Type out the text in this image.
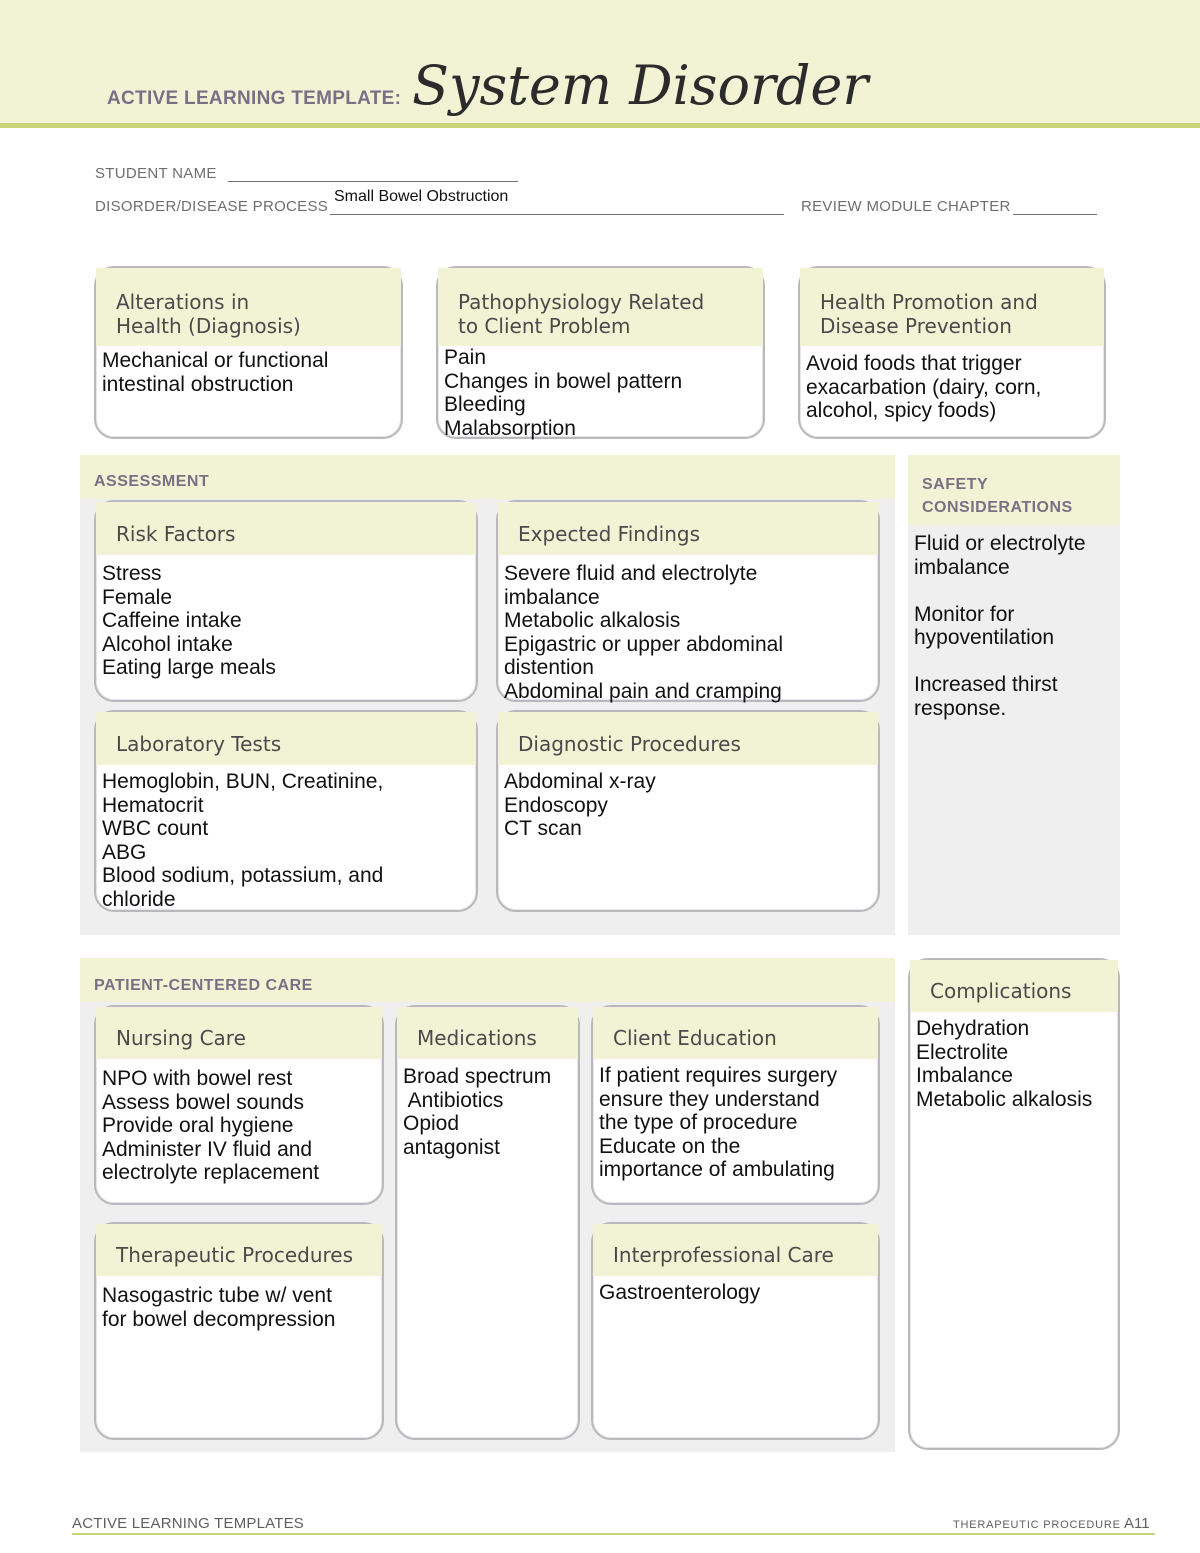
ACTIVE LEARNING TEMPLATE: System Disorder
STUDENT NAME
DISORDER/DISEASE PROCESS
Small Bowel Obstruction
REVIEW MODULE CHAPTER
Alterations in
Health (Diagnosis)
Mechanical or functional
intestinal obstruction
Pathophysiology Related
to Client Problem
Pain
Changes in bowel pattern
Bleeding
Malabsorption
Health Promotion and
Disease Prevention
Avoid foods that trigger
exacarbation (dairy, corn,
alcohol, spicy foods)
ASSESSMENT	SAFETY
CONSIDERATIONS
Fluid or electrolyte
imbalance

Monitor for
hypoventilation

Increased thirst
response.
Risk Factors
Stress
Female
Caffeine intake
Alcohol intake
Eating large meals
Expected Findings
Severe fluid and electrolyte
imbalance
Metabolic alkalosis
Epigastric or upper abdominal
distention
Abdominal pain and cramping
Laboratory Tests
Hemoglobin, BUN, Creatinine,
Hematocrit
WBC count
ABG
Blood sodium, potassium, and
chloride
Diagnostic Procedures
Abdominal x-ray
Endoscopy
CT scan
PATIENT-CENTERED CARE
Nursing Care
NPO with bowel rest
Assess bowel sounds
Provide oral hygiene
Administer IV fluid and
electrolyte replacement
Medications
Broad spectrum
Antibiotics
Opiod
antagonist
Client Education
If patient requires surgery
ensure they understand
the type of procedure
Educate on the
importance of ambulating
Therapeutic Procedures
Nasogastric tube w/ vent
for bowel decompression
Interprofessional Care
Gastroenterology
Complications
Dehydration
Electrolite
Imbalance
Metabolic alkalosis
ACTIVE LEARNING TEMPLATES	THERAPEUTIC PROCEDURE A11
